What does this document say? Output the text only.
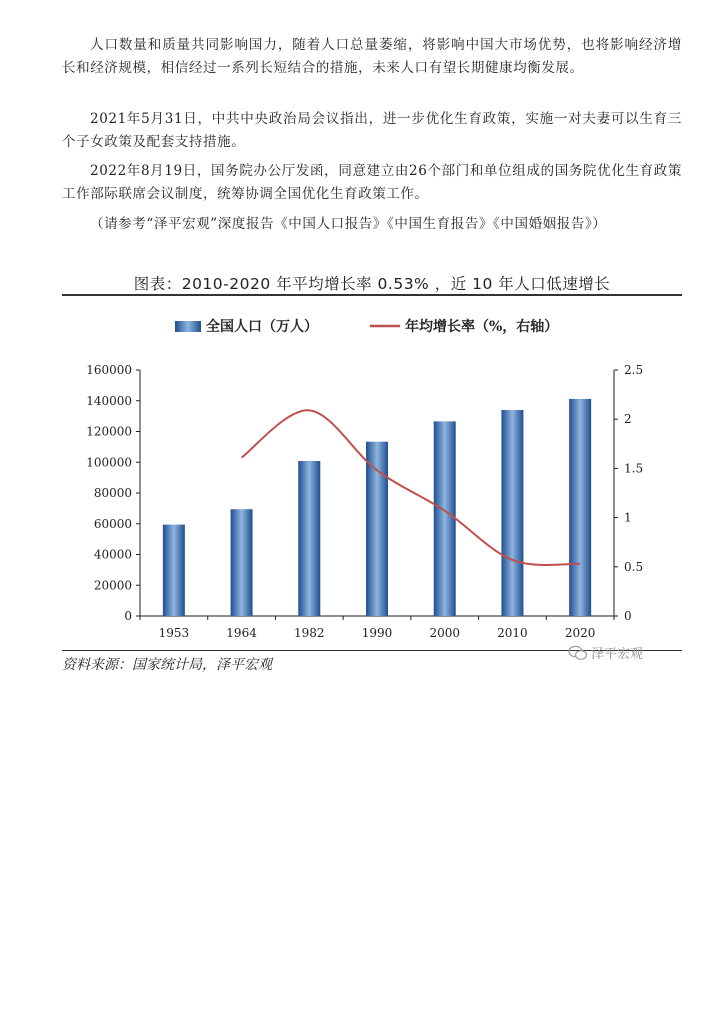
人口数量和质量共同影响国力，随着人口总量萎缩，将影响中国大市场优势，也将影响经济增长和经济规模，相信经过一系列长短结合的措施，未来人口有望长期健康均衡发展。

2021年5月31日，中共中央政治局会议指出，进一步优化生育政策，实施一对夫妻可以生育三个子女政策及配套支持措施。

2022年8月19日，国务院办公厅发函，同意建立由26个部门和单位组成的国务院优化生育政策工作部际联席会议制度，统筹协调全国优化生育政策工作。

（请参考“泽平宏观”深度报告《中国人口报告》《中国生育报告》《中国婚姻报告》）

图表：2010-2020 年平均增长率 0.53% ，近 10 年人口低速增长
0
20000
40000
60000
80000
100000
120000
140000
160000
0
0.5
1
1.5
2
2.5
1953	1964	1982	1990	2000	2010	2020
全国人口（万人）	年均增长率（%，右轴）
资料来源：国家统计局，泽平宏观
泽平宏观
